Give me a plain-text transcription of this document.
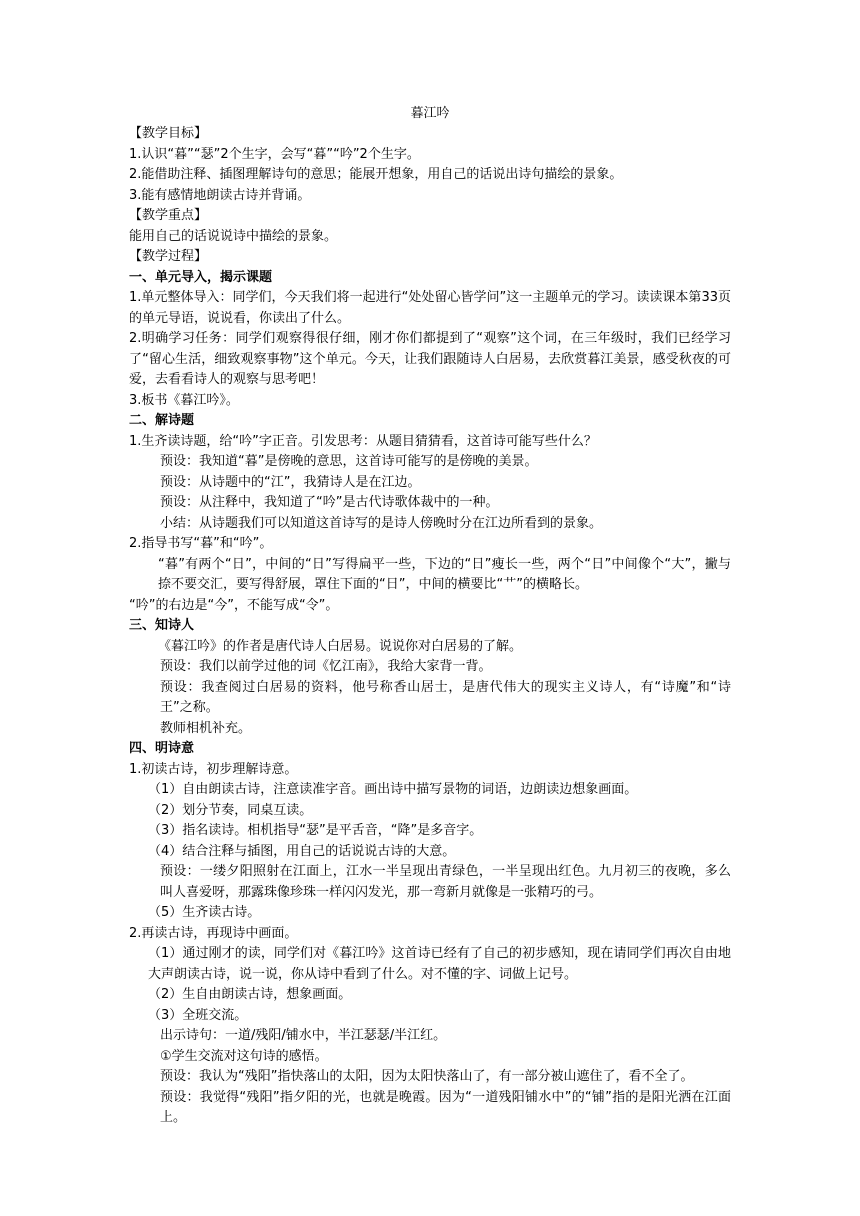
暮江吟

【教学目标】

1.认识“暮”“瑟”2个生字，会写“暮”“吟”2个生字。

2.能借助注释、插图理解诗句的意思；能展开想象，用自己的话说出诗句描绘的景象。

3.能有感情地朗读古诗并背诵。

【教学重点】

能用自己的话说说诗中描绘的景象。

【教学过程】

一、单元导入，揭示课题

1.单元整体导入：同学们，今天我们将一起进行“处处留心皆学问”这一主题单元的学习。读读课本第33页的单元导语，说说看，你读出了什么。

2.明确学习任务：同学们观察得很仔细，刚才你们都提到了“观察”这个词，在三年级时，我们已经学习了“留心生活，细致观察事物”这个单元。今天，让我们跟随诗人白居易，去欣赏暮江美景，感受秋夜的可爱，去看看诗人的观察与思考吧！

3.板书《暮江吟》。

二、解诗题

1.生齐读诗题，给“吟”字正音。引发思考：从题目猜猜看，这首诗可能写些什么？

预设：我知道“暮”是傍晚的意思，这首诗可能写的是傍晚的美景。

预设：从诗题中的“江”，我猜诗人是在江边。

预设：从注释中，我知道了“吟”是古代诗歌体裁中的一种。

小结：从诗题我们可以知道这首诗写的是诗人傍晚时分在江边所看到的景象。

2.指导书写“暮”和“吟”。

“暮”有两个“日”，中间的“日”写得扁平一些，下边的“日”瘦长一些，两个“日”中间像个“大”，撇与捺不要交汇，要写得舒展，罩住下面的“日”，中间的横要比“艹”的横略长。

“吟”的右边是“今”，不能写成“令”。

三、知诗人

《暮江吟》的作者是唐代诗人白居易。说说你对白居易的了解。

预设：我们以前学过他的词《忆江南》，我给大家背一背。

预设：我查阅过白居易的资料，他号称香山居士，是唐代伟大的现实主义诗人，有“诗魔”和“诗王”之称。

教师相机补充。

四、明诗意

1.初读古诗，初步理解诗意。

（1）自由朗读古诗，注意读准字音。画出诗中描写景物的词语，边朗读边想象画面。

（2）划分节奏，同桌互读。

（3）指名读诗。相机指导“瑟”是平舌音，“降”是多音字。

（4）结合注释与插图，用自己的话说说古诗的大意。

预设：一缕夕阳照射在江面上，江水一半呈现出青绿色，一半呈现出红色。九月初三的夜晚，多么叫人喜爱呀，那露珠像珍珠一样闪闪发光，那一弯新月就像是一张精巧的弓。

（5）生齐读古诗。

2.再读古诗，再现诗中画面。

（1）通过刚才的读，同学们对《暮江吟》这首诗已经有了自己的初步感知，现在请同学们再次自由地大声朗读古诗，说一说，你从诗中看到了什么。对不懂的字、词做上记号。

（2）生自由朗读古诗，想象画面。

（3）全班交流。

出示诗句：一道/残阳/铺水中，半江瑟瑟/半江红。

①学生交流对这句诗的感悟。

预设：我认为“残阳”指快落山的太阳，因为太阳快落山了，有一部分被山遮住了，看不全了。

预设：我觉得“残阳”指夕阳的光，也就是晚霞。因为“一道残阳铺水中”的“铺”指的是阳光洒在江面上。
